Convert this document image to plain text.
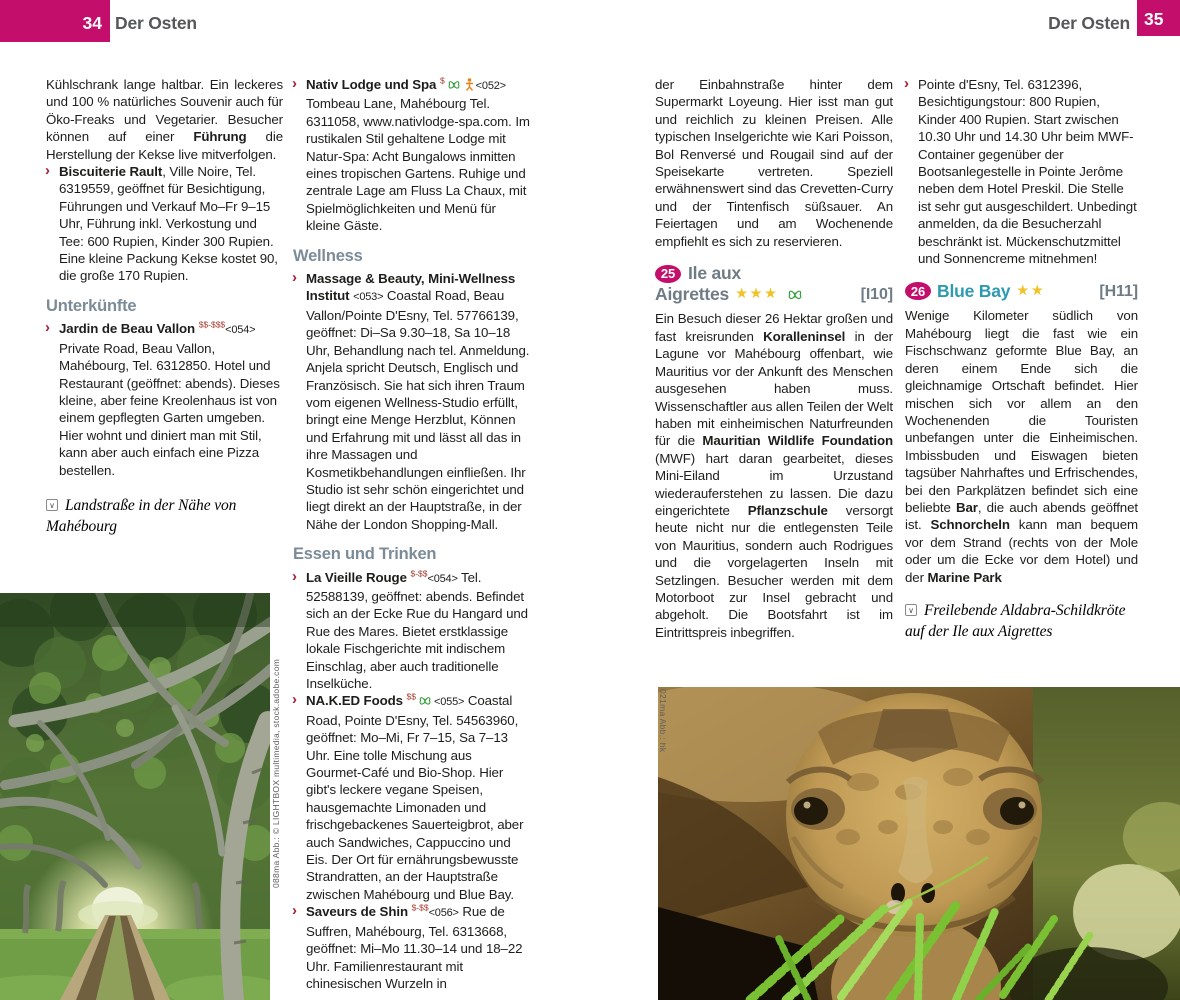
34 Der Osten	Der Osten 35

Kühlschrank lange haltbar. Ein leckeres und 100 % natürliches Souvenir auch für Öko-Freaks und Vegetarier. Besucher können auf einer Führung die Herstellung der Kekse live mitverfolgen.

› Biscuiterie Rault, Ville Noire, Tel. 6319559, geöffnet für Besichtigung, Führungen und Verkauf Mo–Fr 9–15 Uhr, Führung inkl. Verkostung und Tee: 600 Rupien, Kinder 300 Rupien. Eine kleine Packung Kekse kostet 90, die große 170 Rupien.

Unterkünfte
› Jardin de Beau Vallon $$-$$$<054> Private Road, Beau Vallon, Mahébourg, Tel. 6312850. Hotel und Restaurant (geöffnet: abends). Dieses kleine, aber feine Kreolenhaus ist von einem gepflegten Garten umgeben. Hier wohnt und diniert man mit Stil, kann aber auch einfach eine Pizza bestellen.

∨ Landstraße in der Nähe von Mahébourg
› Nativ Lodge und Spa $	<052> Tombeau Lane, Mahébourg Tel. 6311058, www.nativlodge-spa.com. Im rustikalen Stil gehaltene Lodge mit Natur-Spa: Acht Bungalows inmitten eines tropischen Gartens. Ruhige und zentrale Lage am Fluss La Chaux, mit Spielmöglichkeiten und Menü für kleine Gäste.

Wellness
› Massage & Beauty, Mini-Wellness Institut <053> Coastal Road, Beau Vallon/Pointe D'Esny, Tel. 57766139, geöffnet: Di–Sa 9.30–18, Sa 10–18 Uhr, Behandlung nach tel. Anmeldung. Anjela spricht Deutsch, Englisch und Französisch. Sie hat sich ihren Traum vom eigenen Wellness-Studio erfüllt, bringt eine Menge Herzblut, Können und Erfahrung mit und lässt all das in ihre Massagen und Kosmetikbehandlungen einfließen. Ihr Studio ist sehr schön eingerichtet und liegt direkt an der Hauptstraße, in der Nähe der London Shopping-Mall.

Essen und Trinken
› La Vieille Rouge $-$$<054> Tel. 52588139, geöffnet: abends. Befindet sich an der Ecke Rue du Hangard und Rue des Mares. Bietet erstklassige lokale Fischgerichte mit indischem Einschlag, aber auch traditionelle Inselküche.

› NA.K.ED Foods $$ <055> Coastal Road, Pointe D'Esny, Tel. 54563960, geöffnet: Mo–Mi, Fr 7–15, Sa 7–13 Uhr. Eine tolle Mischung aus Gourmet-Café und Bio-Shop. Hier gibt's leckere vegane Speisen, hausgemachte Limonaden und frischgebackenes Sauerteigbrot, aber auch Sandwiches, Cappuccino und Eis. Der Ort für ernährungsbewusste Strandratten, an der Hauptstraße zwischen Mahébourg und Blue Bay.

› Saveurs de Shin $-$$<056> Rue de Suffren, Mahébourg, Tel. 6313668, geöffnet: Mi–Mo 11.30–14 und 18–22 Uhr. Familienrestaurant mit chinesischen Wurzeln in

der Einbahnstraße hinter dem Supermarkt Loyeung. Hier isst man gut und reichlich zu kleinen Preisen. Alle typischen Inselgerichte wie Kari Poisson, Bol Renversé und Rougail sind auf der Speisekarte vertreten. Speziell erwähnenswert sind das Crevetten-Curry und der Tintenfisch süßsauer. An Feiertagen und am Wochenende empfiehlt es sich zu reservieren.

25 Ile aux
Aigrettes ★★★	[I10]

Ein Besuch dieser 26 Hektar großen und fast kreisrunden Koralleninsel in der Lagune vor Mahébourg offenbart, wie Mauritius vor der Ankunft des Menschen ausgesehen haben muss. Wissenschaftler aus allen Teilen der Welt haben mit einheimischen Naturfreunden für die Mauritian Wildlife Foundation (MWF) hart daran gearbeitet, dieses Mini-Eiland im Urzustand wiederauferstehen zu lassen. Die dazu eingerichtete Pflanzschule versorgt heute nicht nur die entlegensten Teile von Mauritius, sondern auch Rodrigues und die vorgelagerten Inseln mit Setzlingen. Besucher werden mit dem Motorboot zur Insel gebracht und abgeholt. Die Bootsfahrt ist im Eintrittspreis inbegriffen.

› Pointe d'Esny, Tel. 6312396, Besichtigungstour: 800 Rupien, Kinder 400 Rupien. Start zwischen 10.30 Uhr und 14.30 Uhr beim MWF-Container gegenüber der Bootsanlegestelle in Pointe Jerôme neben dem Hotel Preskil. Die Stelle ist sehr gut ausgeschildert. Unbedingt anmelden, da die Besucherzahl beschränkt ist. Mückenschutzmittel und Sonnencreme mitnehmen!

26 Blue Bay ★★	[H11]

Wenige Kilometer südlich von Mahébourg liegt die fast wie ein Fischschwanz geformte Blue Bay, an deren einem Ende sich die gleichnamige Ortschaft befindet. Hier mischen sich vor allem an den Wochenenden die Touristen unbefangen unter die Einheimischen. Imbissbuden und Eiswagen bieten tagsüber Nahrhaftes und Erfrischendes, bei den Parkplätzen befindet sich eine beliebte Bar, die auch abends geöffnet ist. Schnorcheln kann man bequem vor dem Strand (rechts von der Mole oder um die Ecke vor dem Hotel) und der Marine Park

∨ Freilebende Aldabra-Schildkröte auf der Ile aux Aigrettes
088ma Abb.: © LIGHTBOX multimedia, stock.adobe.com	021ma Abb.: hk
